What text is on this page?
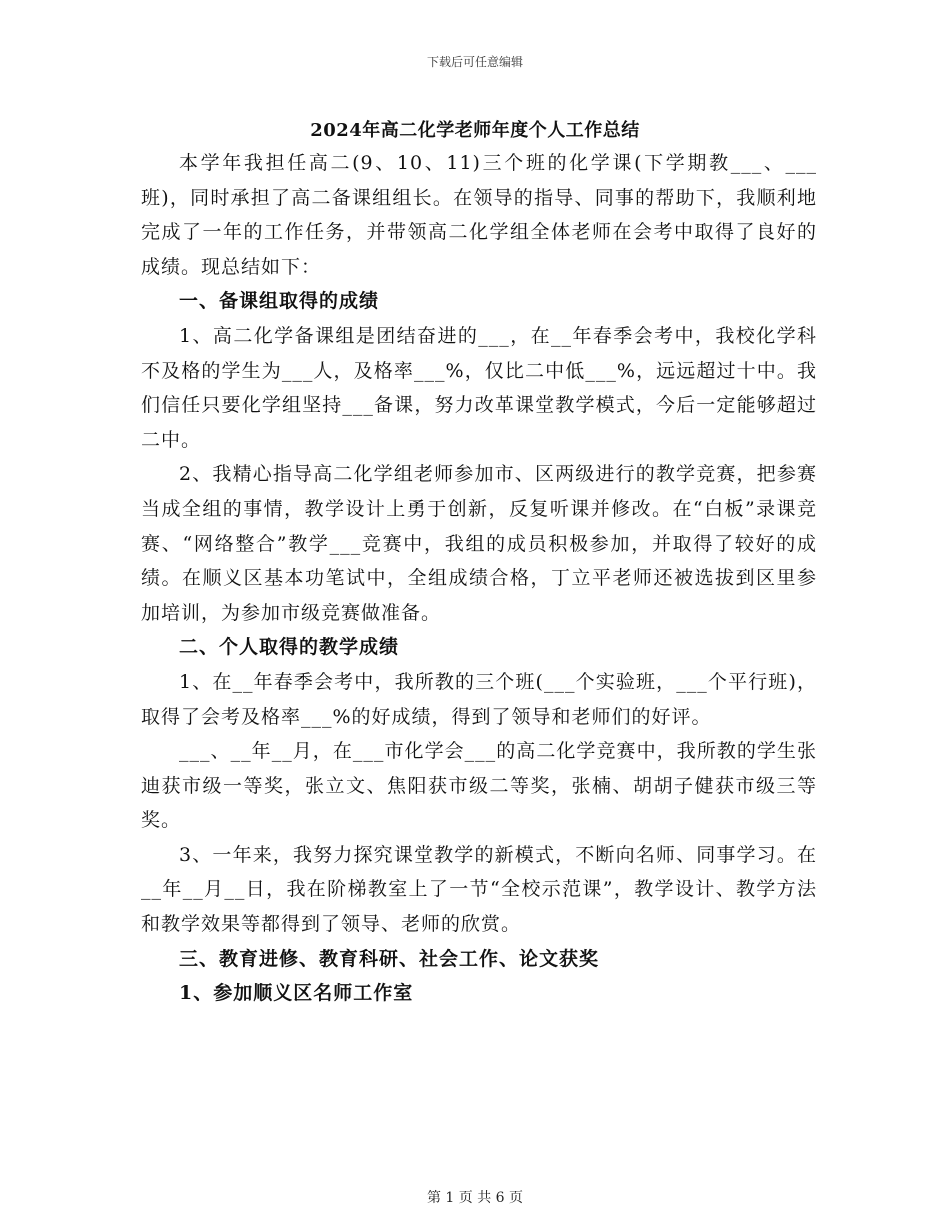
下载后可任意编辑
2024年高二化学老师年度个人工作总结

本学年我担任高二(9、10、11)三个班的化学课(下学期教___、___班)，同时承担了高二备课组组长。在领导的指导、同事的帮助下，我顺利地完成了一年的工作任务，并带领高二化学组全体老师在会考中取得了良好的成绩。现总结如下：

一、备课组取得的成绩

1、高二化学备课组是团结奋进的___，在__年春季会考中，我校化学科不及格的学生为___人，及格率___%，仅比二中低___%，远远超过十中。我们信任只要化学组坚持___备课，努力改革课堂教学模式，今后一定能够超过二中。

2、我精心指导高二化学组老师参加市、区两级进行的教学竞赛，把参赛当成全组的事情，教学设计上勇于创新，反复听课并修改。在“白板”录课竞赛、“网络整合”教学___竞赛中，我组的成员积极参加，并取得了较好的成绩。在顺义区基本功笔试中，全组成绩合格，丁立平老师还被选拔到区里参加培训，为参加市级竞赛做准备。

二、个人取得的教学成绩

1、在__年春季会考中，我所教的三个班(___个实验班，___个平行班)，取得了会考及格率___%的好成绩，得到了领导和老师们的好评。

___、__年__月，在___市化学会___的高二化学竞赛中，我所教的学生张迪获市级一等奖，张立文、焦阳获市级二等奖，张楠、胡胡子健获市级三等奖。

3、一年来，我努力探究课堂教学的新模式，不断向名师、同事学习。在__年__月__日，我在阶梯教室上了一节“全校示范课”，教学设计、教学方法和教学效果等都得到了领导、老师的欣赏。

三、教育进修、教育科研、社会工作、论文获奖

1、参加顺义区名师工作室

第 1 页 共 6 页
